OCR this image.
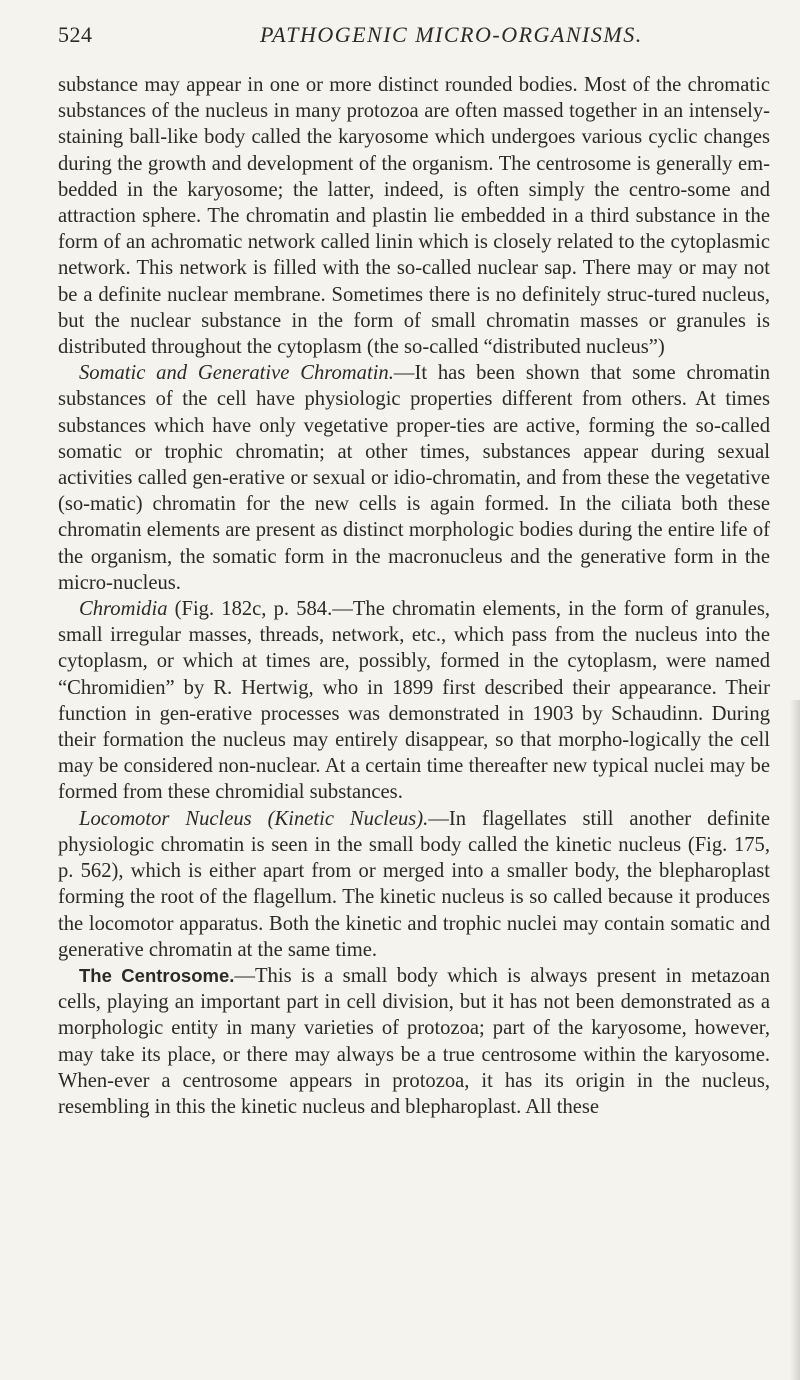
524	PATHOGENIC MICRO-ORGANISMS.

substance may appear in one or more distinct rounded bodies. Most of the chromatic substances of the nucleus in many protozoa are often massed together in an intensely-staining ball-like body called the karyosome which undergoes various cyclic changes during the growth and development of the organism. The centrosome is generally em-bedded in the karyosome; the latter, indeed, is often simply the centro-some and attraction sphere. The chromatin and plastin lie embedded in a third substance in the form of an achromatic network called linin which is closely related to the cytoplasmic network. This network is filled with the so-called nuclear sap. There may or may not be a definite nuclear membrane. Sometimes there is no definitely struc-tured nucleus, but the nuclear substance in the form of small chromatin masses or granules is distributed throughout the cytoplasm (the so-called “distributed nucleus”)

Somatic and Generative Chromatin.—It has been shown that some chromatin substances of the cell have physiologic properties different from others. At times substances which have only vegetative proper-ties are active, forming the so-called somatic or trophic chromatin; at other times, substances appear during sexual activities called gen-erative or sexual or idio-chromatin, and from these the vegetative (so-matic) chromatin for the new cells is again formed. In the ciliata both these chromatin elements are present as distinct morphologic bodies during the entire life of the organism, the somatic form in the macronucleus and the generative form in the micro-nucleus.

Chromidia (Fig. 182c, p. 584.—The chromatin elements, in the form of granules, small irregular masses, threads, network, etc., which pass from the nucleus into the cytoplasm, or which at times are, possibly, formed in the cytoplasm, were named “Chromidien” by R. Hertwig, who in 1899 first described their appearance. Their function in gen-erative processes was demonstrated in 1903 by Schaudinn. During their formation the nucleus may entirely disappear, so that morpho-logically the cell may be considered non-nuclear. At a certain time thereafter new typical nuclei may be formed from these chromidial substances.

Locomotor Nucleus (Kinetic Nucleus).—In flagellates still another definite physiologic chromatin is seen in the small body called the kinetic nucleus (Fig. 175, p. 562), which is either apart from or merged into a smaller body, the blepharoplast forming the root of the flagellum. The kinetic nucleus is so called because it produces the locomotor apparatus. Both the kinetic and trophic nuclei may contain somatic and generative chromatin at the same time.

The Centrosome.—This is a small body which is always present in metazoan cells, playing an important part in cell division, but it has not been demonstrated as a morphologic entity in many varieties of protozoa; part of the karyosome, however, may take its place, or there may always be a true centrosome within the karyosome. When-ever a centrosome appears in protozoa, it has its origin in the nucleus, resembling in this the kinetic nucleus and blepharoplast. All these
